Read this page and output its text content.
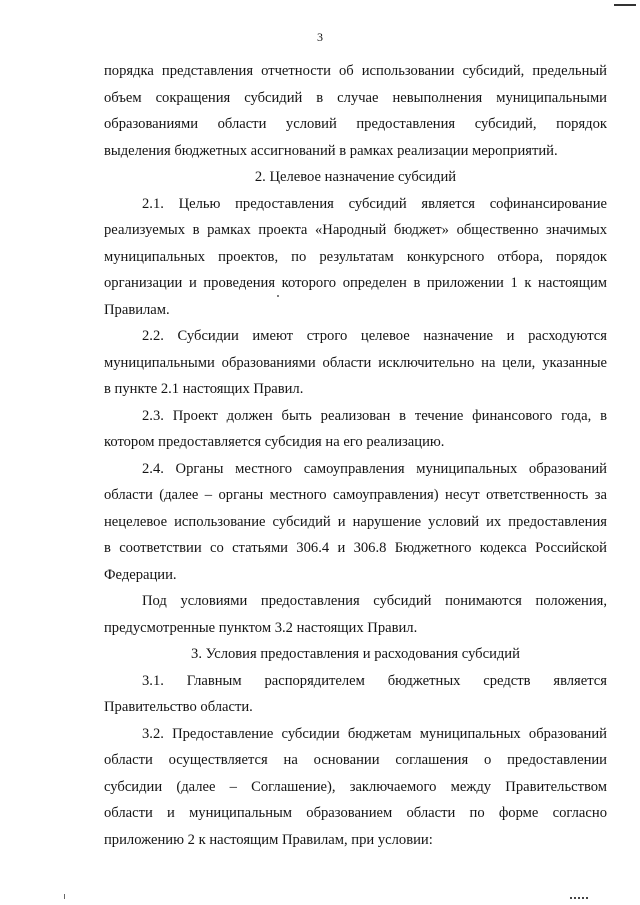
3
порядка представления отчетности об использовании субсидий, предельный
объем сокращения субсидий в случае невыполнения муниципальными
образованиями области условий предоставления субсидий, порядок
выделения бюджетных ассигнований в рамках реализации мероприятий.
2. Целевое назначение субсидий
2.1. Целью предоставления субсидий является софинансирование
реализуемых в рамках проекта «Народный бюджет» общественно значимых
муниципальных проектов, по результатам конкурсного отбора, порядок
организации и проведения которого определен в приложении 1 к настоящим
Правилам.
2.2. Субсидии имеют строго целевое назначение и расходуются
муниципальными образованиями области исключительно на цели, указанные
в пункте 2.1 настоящих Правил.
2.3. Проект должен быть реализован в течение финансового года, в
котором предоставляется субсидия на его реализацию.
2.4. Органы местного самоуправления муниципальных образований
области (далее – органы местного самоуправления) несут ответственность за
нецелевое использование субсидий и нарушение условий их предоставления
в соответствии со статьями 306.4 и 306.8 Бюджетного кодекса Российской
Федерации.
Под условиями предоставления субсидий понимаются положения,
предусмотренные пунктом 3.2 настоящих Правил.
3. Условия предоставления и расходования субсидий
3.1. Главным распорядителем бюджетных средств является
Правительство области.
3.2. Предоставление субсидии бюджетам муниципальных образований
области осуществляется на основании соглашения о предоставлении
субсидии (далее – Соглашение), заключаемого между Правительством
области и муниципальным образованием области по форме согласно
приложению 2 к настоящим Правилам, при условии:
